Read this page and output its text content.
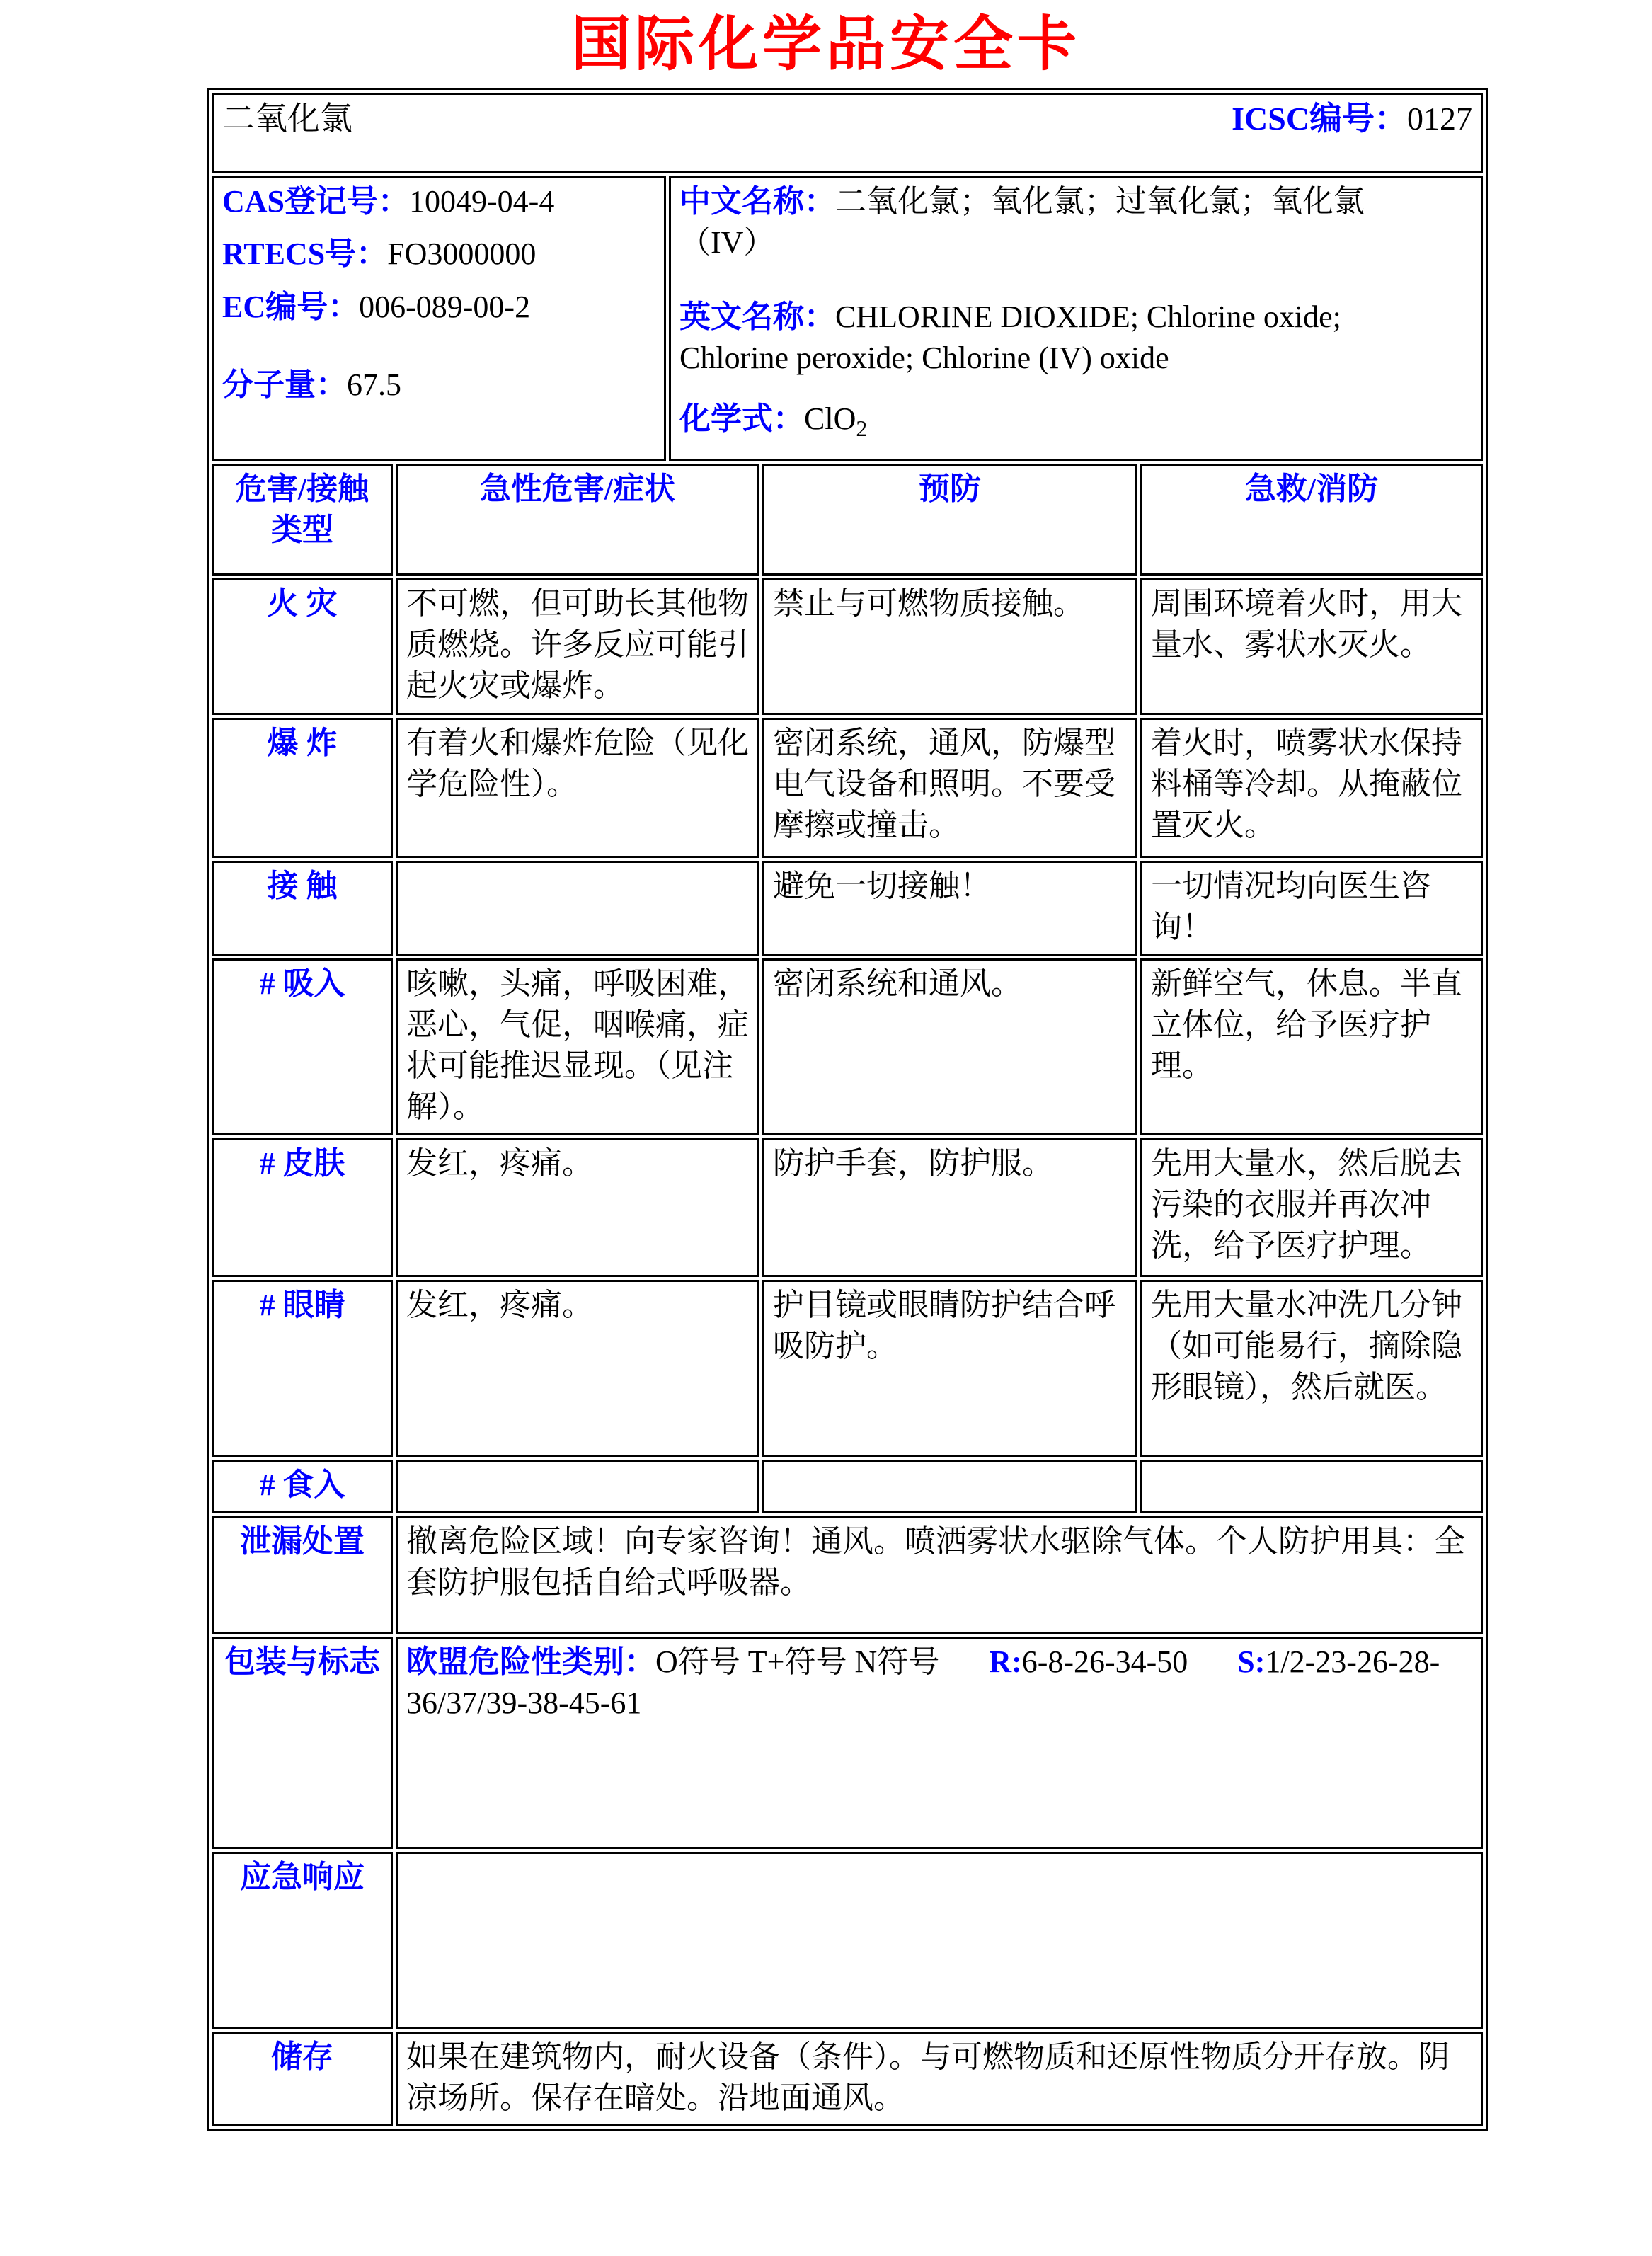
国际化学品安全卡
二氧化氯 ICSC编号：0127				

CAS登记号：10049-04-4

RTECS号：FO3000000

EC编号：006-089-00-2

分子量：67.5

中文名称：二氧化氯；氧化氯；过氧化氯；氧化氯（IV）

英文名称：CHLORINE DIOXIDE; Chlorine oxide; Chlorine peroxide; Chlorine (IV) oxide

化学式：ClO$_2$

危害/接触类型	急性危害/症状		预防	急救/消防
火 灾	不可燃，但可助长其他物质燃烧。许多反应可能引起火灾或爆炸。		禁止与可燃物质接触。	周围环境着火时，用大量水、雾状水灭火。
爆 炸	有着火和爆炸危险（见化学危险性）。		密闭系统，通风，防爆型电气设备和照明。不要受摩擦或撞击。	着火时，喷雾状水保持料桶等冷却。从掩蔽位置灭火。
接 触			避免一切接触！	一切情况均向医生咨询！
# 吸入	咳嗽，头痛，呼吸困难，恶心，气促，咽喉痛，症状可能推迟显现。（见注解）。		密闭系统和通风。	新鲜空气，休息。半直立体位，给予医疗护理。
# 皮肤	发红，疼痛。		防护手套，防护服。	先用大量水，然后脱去污染的衣服并再次冲洗，给予医疗护理。
# 眼睛	发红，疼痛。		护目镜或眼睛防护结合呼吸防护。	先用大量水冲洗几分钟（如可能易行，摘除隐形眼镜），然后就医。
# 食入				
泄漏处置	撤离危险区域！向专家咨询！通风。喷洒雾状水驱除气体。个人防护用具：全套防护服包括自给式呼吸器。			
包装与标志	欧盟危险性类别：O符号 T+符号 N符号 R:6-8-26-34-50 S:1/2-23-26-28-36/37/39-38-45-61			
应急响应				
储存	如果在建筑物内，耐火设备（条件）。与可燃物质和还原性物质分开存放。阴凉场所。保存在暗处。沿地面通风。			
